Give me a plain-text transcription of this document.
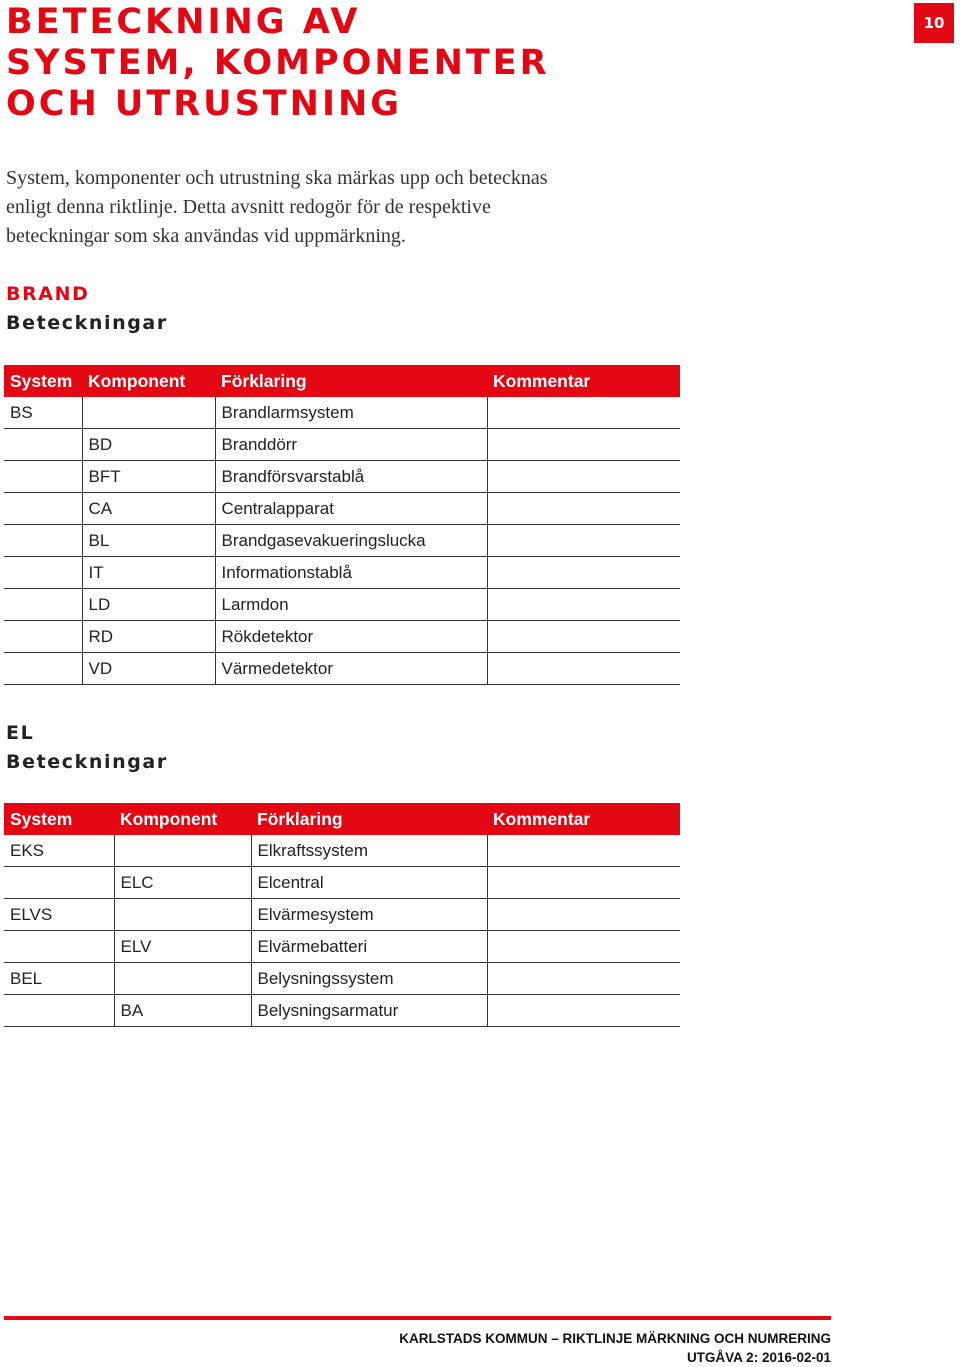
BETECKNING AV SYSTEM, KOMPONENTER OCH UTRUSTNING
10

System, komponenter och utrustning ska märkas upp och betecknas enligt denna riktlinje. Detta avsnitt redogör för de respektive beteckningar som ska användas vid uppmärkning.

BRAND
Beteckningar
System	Komponent	Förklaring	Kommentar
BS		Brandlarmsystem	
	BD	Branddörr	
	BFT	Brandförsvarstablå	
	CA	Centralapparat	
	BL	Brandgasevakueringslucka	
	IT	Informationstablå	
	LD	Larmdon	
	RD	Rökdetektor	
	VD	Värmedetektor	
EL
Beteckningar
System	Komponent	Förklaring	Kommentar
EKS		Elkraftssystem	
	ELC	Elcentral	
ELVS		Elvärmesystem	
	ELV	Elvärmebatteri	
BEL		Belysningssystem	
	BA	Belysningsarmatur	
KARLSTADS KOMMUN – RIKTLINJE MÄRKNING OCH NUMRERING
UTGÅVA 2: 2016-02-01
